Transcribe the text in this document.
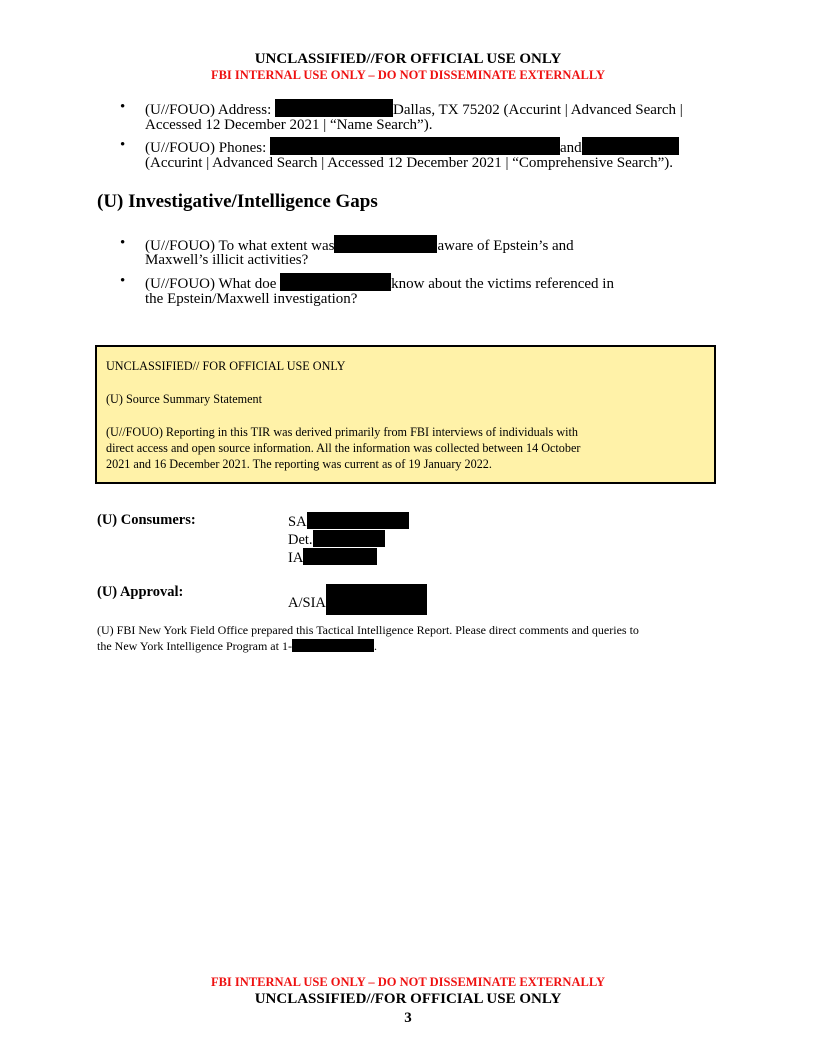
UNCLASSIFIED//FOR OFFICIAL USE ONLY
FBI INTERNAL USE ONLY – DO NOT DISSEMINATE EXTERNALLY
• (U//FOUO) Address:	Dallas, TX 75202 (Accurint | Advanced Search |
Accessed 12 December 2021 | “Name Search”).
• (U//FOUO) Phones:	and
(Accurint | Advanced Search | Accessed 12 December 2021 | “Comprehensive Search”).
(U) Investigative/Intelligence Gaps
• (U//FOUO) To what extent was	aware of Epstein’s and
Maxwell’s illicit activities?
• (U//FOUO) What doe	know about the victims referenced in
the Epstein/Maxwell investigation?
UNCLASSIFIED// FOR OFFICIAL USE ONLY
(U) Source Summary Statement
(U//FOUO) Reporting in this TIR was derived primarily from FBI interviews of individuals with
direct access and open source information. All the information was collected between 14 October
2021 and 16 December 2021. The reporting was current as of 19 January 2022.
(U) Consumers:	SA
Det.
IA
(U) Approval:
A/SIA
(U) FBI New York Field Office prepared this Tactical Intelligence Report. Please direct comments and queries to
the New York Intelligence Program at 1-	.
FBI INTERNAL USE ONLY – DO NOT DISSEMINATE EXTERNALLY
UNCLASSIFIED//FOR OFFICIAL USE ONLY
3
